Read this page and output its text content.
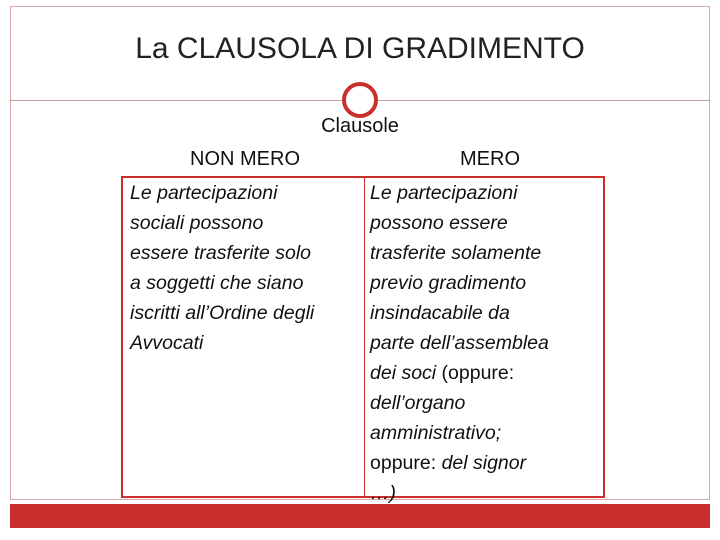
La CLAUSOLA DI GRADIMENTO
Clausole
NON MERO	MERO
Le partecipazioni
sociali possono
essere trasferite solo
a soggetti che siano
iscritti all’Ordine degli
Avvocati
Le partecipazioni
possono essere
trasferite solamente
previo gradimento
insindacabile da
parte dell’assemblea
dei soci (oppure:
dell’organo
amministrativo;
oppure: del signor
…)
